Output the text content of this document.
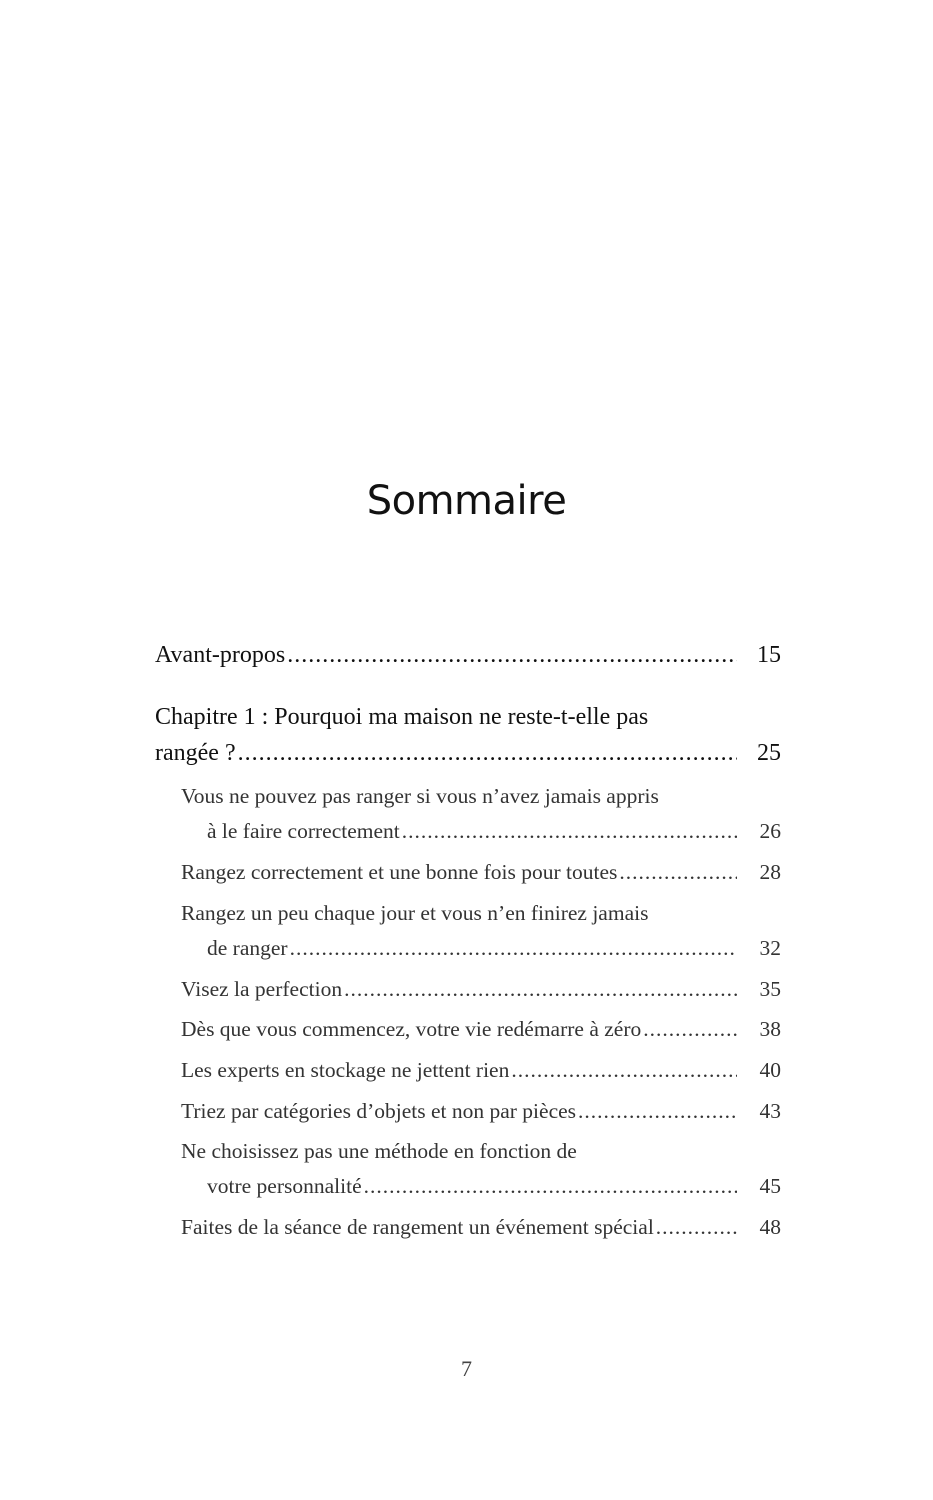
Sommaire
Avant-propos .....	15
Chapitre 1 : Pourquoi ma maison ne reste-t-elle pas
rangée ? .....	25
Vous ne pouvez pas ranger si vous n’avez jamais appris
à le faire correctement .....	26
Rangez correctement et une bonne fois pour toutes .....	28
Rangez un peu chaque jour et vous n’en finirez jamais
de ranger .....	32
Visez la perfection .....	35
Dès que vous commencez, votre vie redémarre à zéro .....	38
Les experts en stockage ne jettent rien .....	40
Triez par catégories d’objets et non par pièces .....	43
Ne choisissez pas une méthode en fonction de
votre personnalité .....	45
Faites de la séance de rangement un événement spécial .....	48
7
